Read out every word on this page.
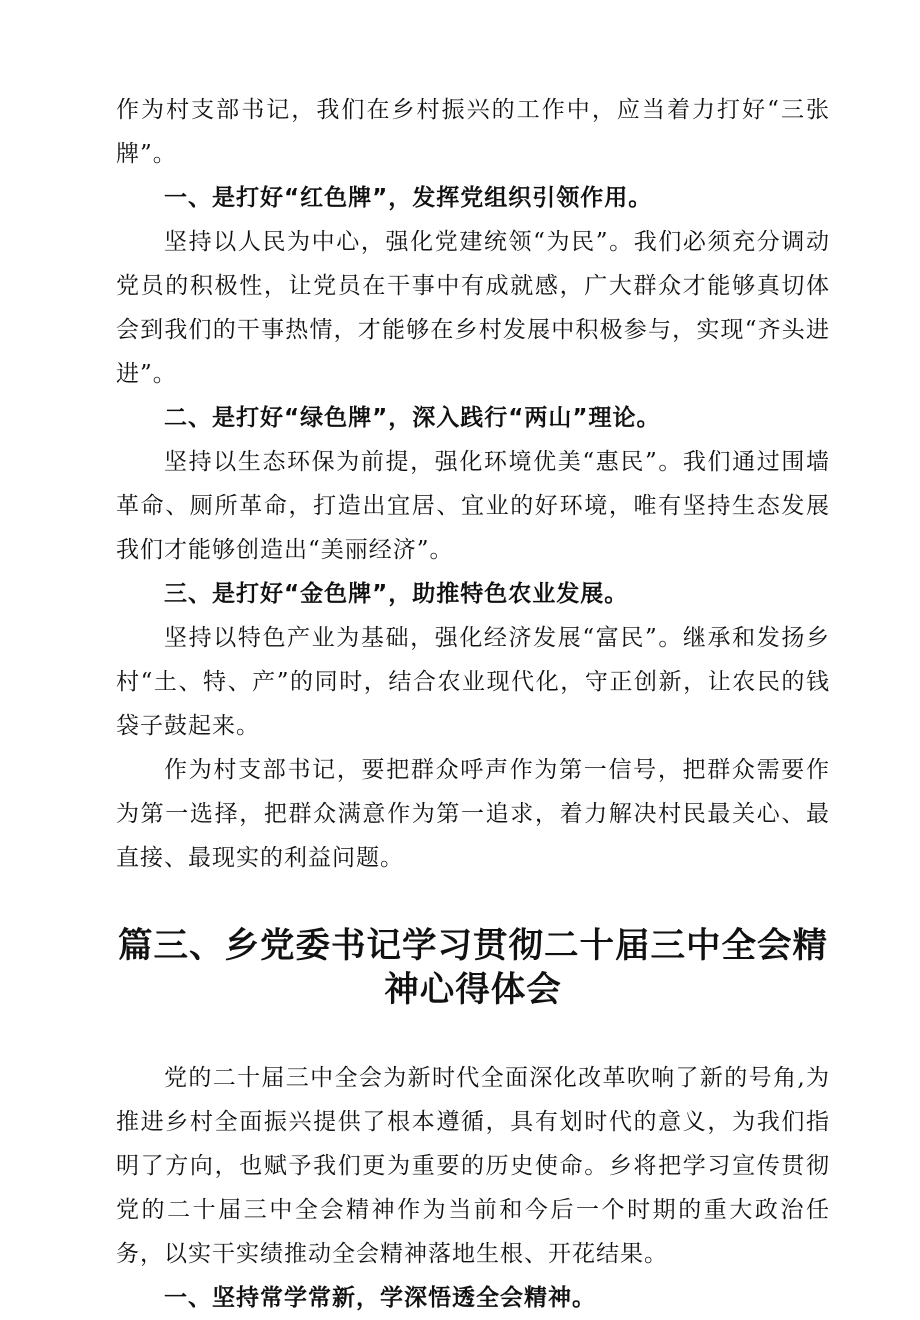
作为村支部书记，我们在乡村振兴的工作中，应当着力打好“三张牌”。

一、是打好“红色牌”，发挥党组织引领作用。

坚持以人民为中心，强化党建统领“为民”。我们必须充分调动党员的积极性，让党员在干事中有成就感，广大群众才能够真切体会到我们的干事热情，才能够在乡村发展中积极参与，实现“齐头进进”。

二、是打好“绿色牌”，深入践行“两山”理论。

坚持以生态环保为前提，强化环境优美“惠民”。我们通过围墙革命、厕所革命，打造出宜居、宜业的好环境，唯有坚持生态发展我们才能够创造出“美丽经济”。

三、是打好“金色牌”，助推特色农业发展。

坚持以特色产业为基础，强化经济发展“富民”。继承和发扬乡村“土、特、产”的同时，结合农业现代化，守正创新，让农民的钱袋子鼓起来。

作为村支部书记，要把群众呼声作为第一信号，把群众需要作为第一选择，把群众满意作为第一追求，着力解决村民最关心、最直接、最现实的利益问题。

篇三、乡党委书记学习贯彻二十届三中全会精神心得体会

党的二十届三中全会为新时代全面深化改革吹响了新的号角,为推进乡村全面振兴提供了根本遵循，具有划时代的意义，为我们指明了方向，也赋予我们更为重要的历史使命。乡将把学习宣传贯彻党的二十届三中全会精神作为当前和今后一个时期的重大政治任务，以实干实绩推动全会精神落地生根、开花结果。

一、坚持常学常新，学深悟透全会精神。
